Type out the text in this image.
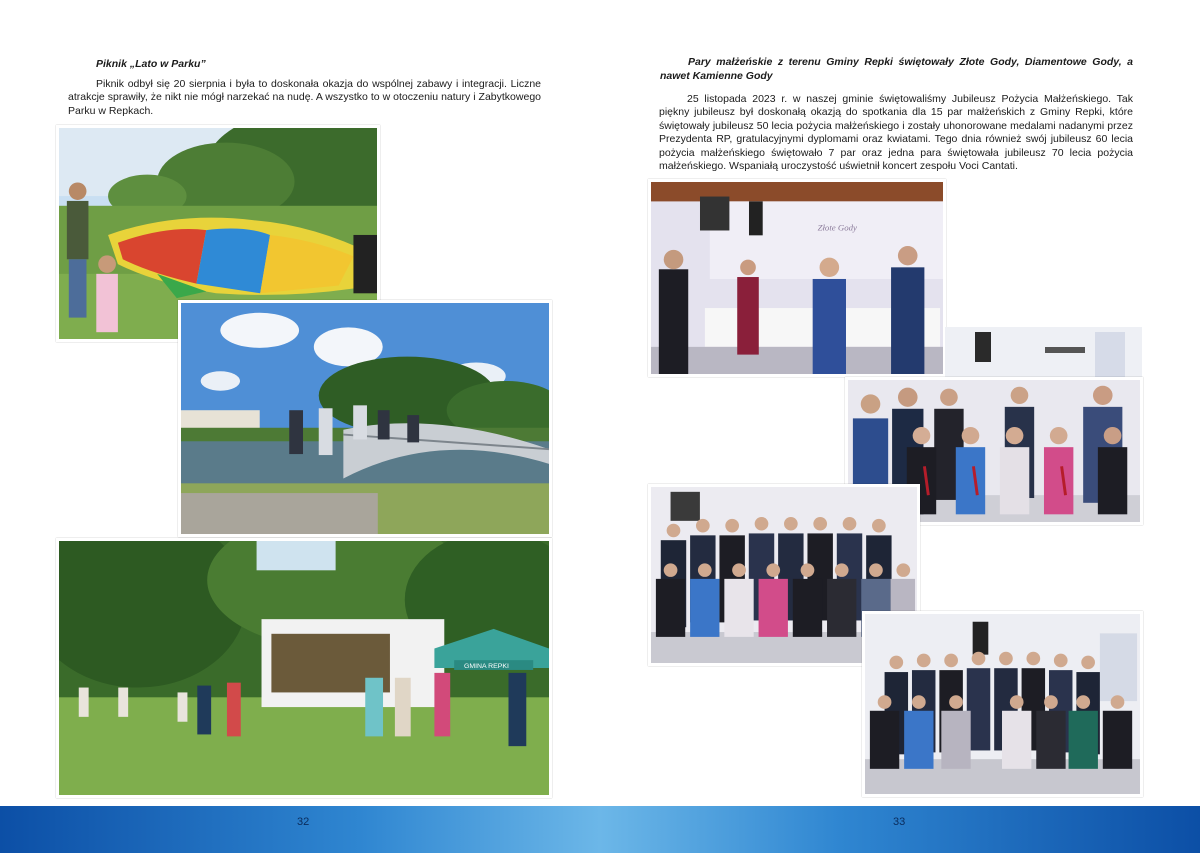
Piknik „Lato w Parku”

Piknik odbył się 20 sierpnia i była to doskonała okazja do wspólnej zabawy i integracji. Liczne atrakcje sprawiły, że nikt nie mógł narzekać na nudę. A wszystko to w otoczeniu natury i Zabytkowego Parku w Repkach.

GMINA REPKI

Pary małżeńskie z terenu Gminy Repki świętowały Złote Gody, Diamentowe Gody, a nawet Kamienne Gody

25 listopada 2023 r. w naszej gminie świętowaliśmy Jubileusz Pożycia Małżeńskiego. Tak piękny jubileusz był doskonałą okazją do spotkania dla 15 par małżeńskich z Gminy Repki, które świętowały jubileusz 50 lecia pożycia małżeńskiego i zostały uhonorowane medalami nadanymi przez Prezydenta RP, gratulacyjnymi dyplomami oraz kwiatami. Tego dnia również swój jubileusz 60 lecia pożycia małżeńskiego świętowało 7 par oraz jedna para świętowała jubileusz 70 lecia pożycia małżeńskiego. Wspaniałą uroczystość uświetnił koncert zespołu Voci Cantati.

Złote Gody
32	33
